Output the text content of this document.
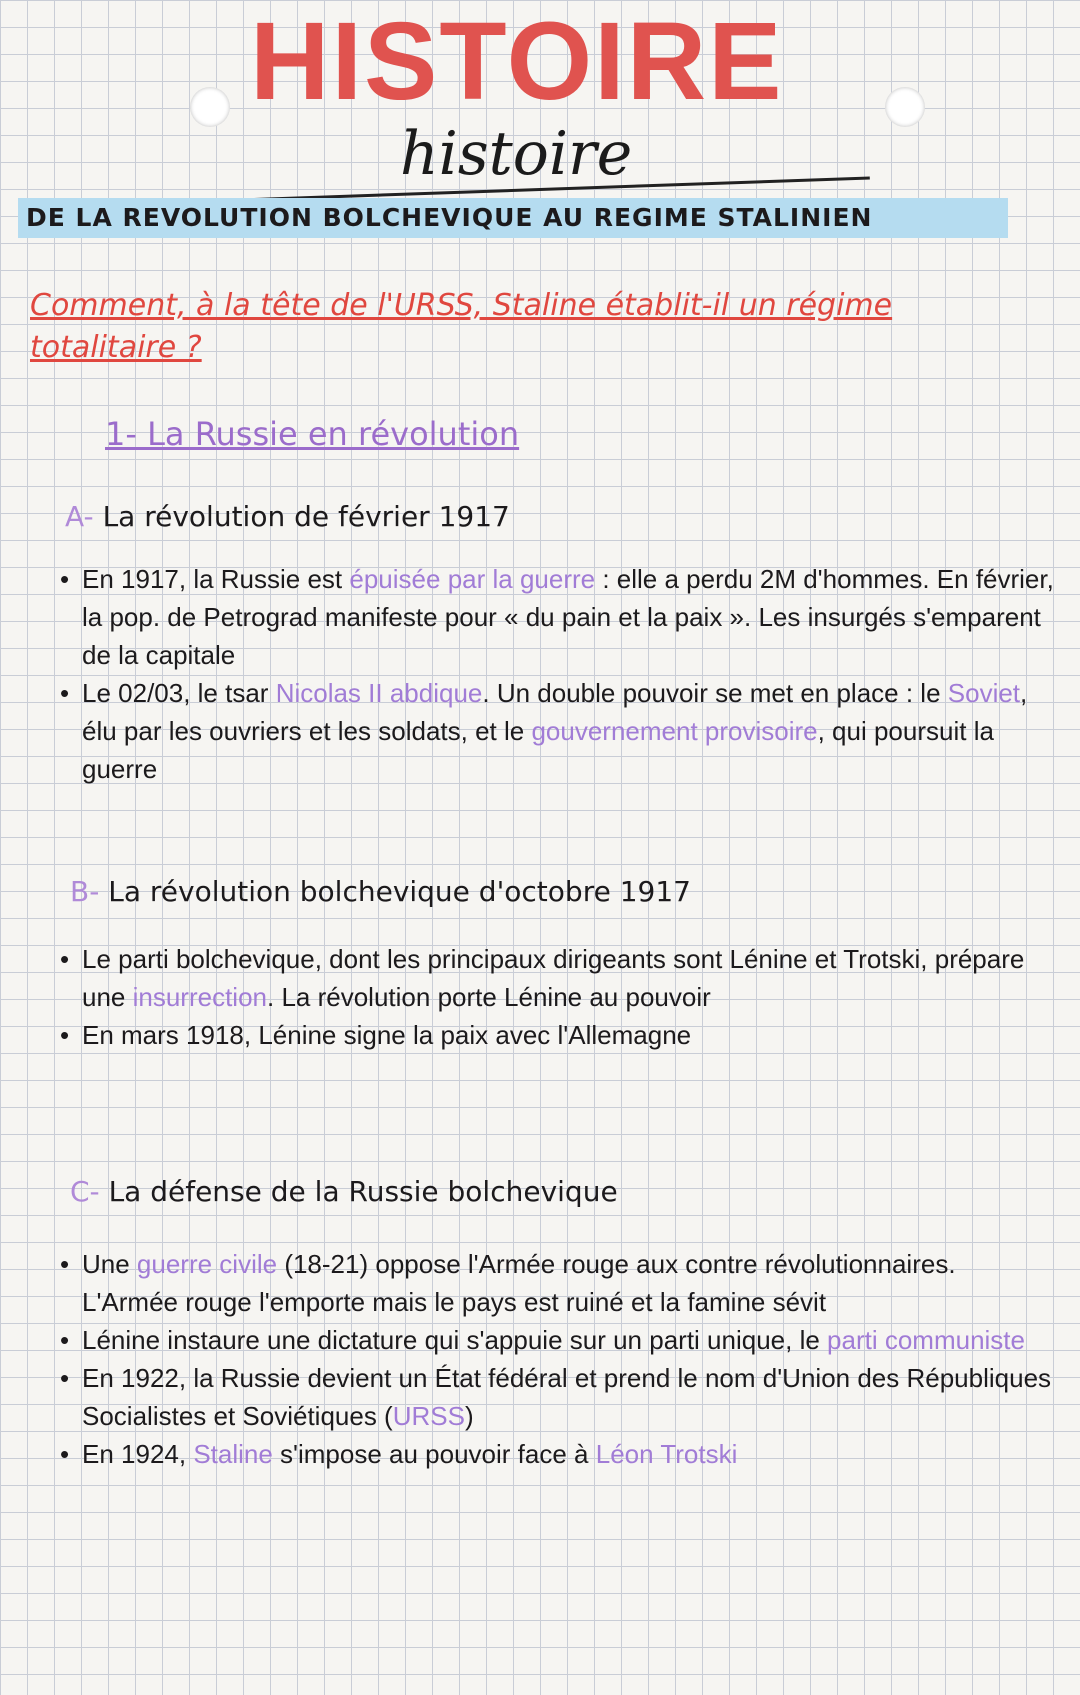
HISTOIRE
histoire
DE LA REVOLUTION BOLCHEVIQUE AU REGIME STALINIEN
Comment, à la tête de l'URSS, Staline établit-il un régime totalitaire ?
1- La Russie en révolution
A- La révolution de février 1917
• En 1917, la Russie est épuisée par la guerre : elle a perdu 2M d'hommes. En février, la pop. de Petrograd manifeste pour « du pain et la paix ». Les insurgés s'emparent de la capitale
• Le 02/03, le tsar Nicolas II abdique. Un double pouvoir se met en place : le Soviet, élu par les ouvriers et les soldats, et le gouvernement provisoire, qui poursuit la guerre
B- La révolution bolchevique d'octobre 1917
• Le parti bolchevique, dont les principaux dirigeants sont Lénine et Trotski, prépare une insurrection. La révolution porte Lénine au pouvoir
• En mars 1918, Lénine signe la paix avec l'Allemagne
C- La défense de la Russie bolchevique
• Une guerre civile (18-21) oppose l'Armée rouge aux contre révolutionnaires. L'Armée rouge l'emporte mais le pays est ruiné et la famine sévit
• Lénine instaure une dictature qui s'appuie sur un parti unique, le parti communiste
• En 1922, la Russie devient un État fédéral et prend le nom d'Union des Républiques Socialistes et Soviétiques (URSS)
• En 1924, Staline s'impose au pouvoir face à Léon Trotski
